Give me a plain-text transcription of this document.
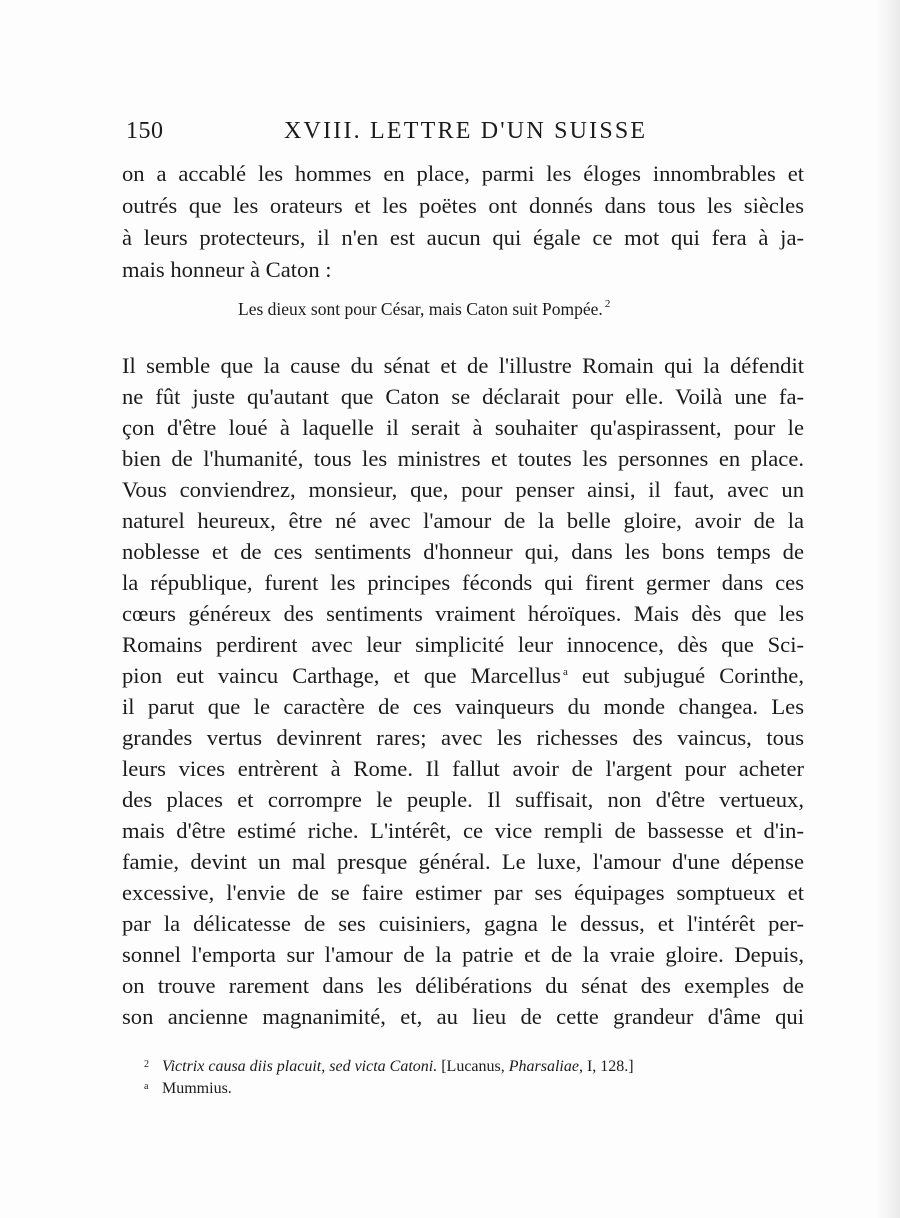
150	XVIII. LETTRE D'UN SUISSE
on a accablé les hommes en place, parmi les éloges innombrables et
outrés que les orateurs et les poëtes ont donnés dans tous les siècles
à leurs protecteurs, il n'en est aucun qui égale ce mot qui fera à ja-
mais honneur à Caton :
Il semble que la cause du sénat et de l'illustre Romain qui la défendit
ne fût juste qu'autant que Caton se déclarait pour elle. Voilà une fa-
çon d'être loué à laquelle il serait à souhaiter qu'aspirassent, pour le
bien de l'humanité, tous les ministres et toutes les personnes en place.
Vous conviendrez, monsieur, que, pour penser ainsi, il faut, avec un
naturel heureux, être né avec l'amour de la belle gloire, avoir de la
noblesse et de ces sentiments d'honneur qui, dans les bons temps de
la république, furent les principes féconds qui firent germer dans ces
cœurs généreux des sentiments vraiment héroïques. Mais dès que les
Romains perdirent avec leur simplicité leur innocence, dès que Sci-
pion eut vaincu Carthage, et que Marcellus $^a$ eut subjugué Corinthe,
il parut que le caractère de ces vainqueurs du monde changea. Les
grandes vertus devinrent rares; avec les richesses des vaincus, tous
leurs vices entrèrent à Rome. Il fallut avoir de l'argent pour acheter
des places et corrompre le peuple. Il suffisait, non d'être vertueux,
mais d'être estimé riche. L'intérêt, ce vice rempli de bassesse et d'in-
famie, devint un mal presque général. Le luxe, l'amour d'une dépense
excessive, l'envie de se faire estimer par ses équipages somptueux et
par la délicatesse de ses cuisiniers, gagna le dessus, et l'intérêt per-
sonnel l'emporta sur l'amour de la patrie et de la vraie gloire. Depuis,
on trouve rarement dans les délibérations du sénat des exemples de
son ancienne magnanimité, et, au lieu de cette grandeur d'âme qui
Les dieux sont pour César, mais Caton suit Pompée. $^2$
2 Victrix causa diis placuit, sed victa Catoni. [Lucanus, Pharsaliae, I, 128.]
a Mummius.
